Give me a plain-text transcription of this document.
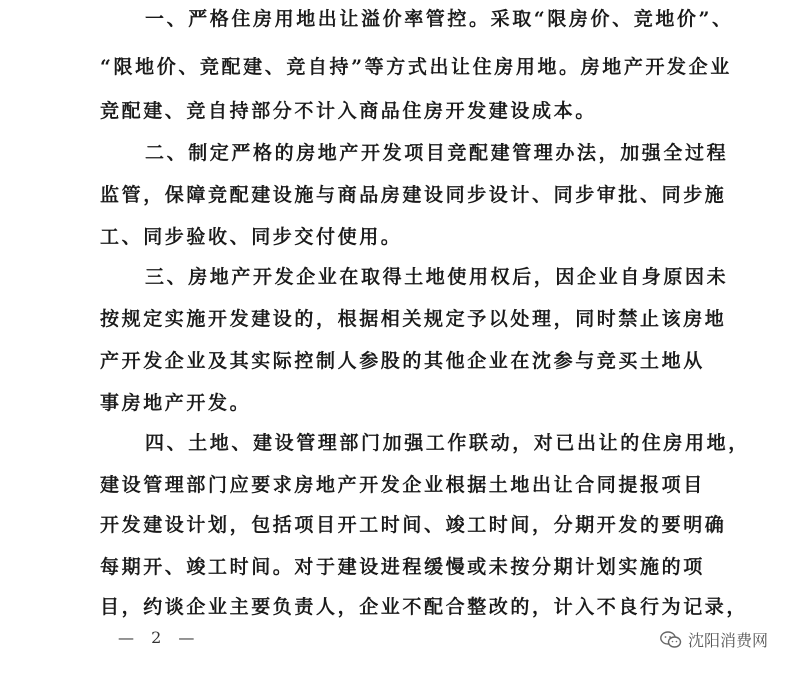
一、严格住房用地出让溢价率管控。采取“限房价、竞地价”、
“限地价、竞配建、竞自持”等方式出让住房用地。房地产开发企业
竞配建、竞自持部分不计入商品住房开发建设成本。
二、制定严格的房地产开发项目竞配建管理办法，加强全过程
监管，保障竞配建设施与商品房建设同步设计、同步审批、同步施
工、同步验收、同步交付使用。
三、房地产开发企业在取得土地使用权后，因企业自身原因未
按规定实施开发建设的，根据相关规定予以处理，同时禁止该房地
产开发企业及其实际控制人参股的其他企业在沈参与竞买土地从
事房地产开发。
四、土地、建设管理部门加强工作联动，对已出让的住房用地，
建设管理部门应要求房地产开发企业根据土地出让合同提报项目
开发建设计划，包括项目开工时间、竣工时间，分期开发的要明确
每期开、竣工时间。对于建设进程缓慢或未按分期计划实施的项
目，约谈企业主要负责人，企业不配合整改的，计入不良行为记录，
— 2 —	沈阳消费网
